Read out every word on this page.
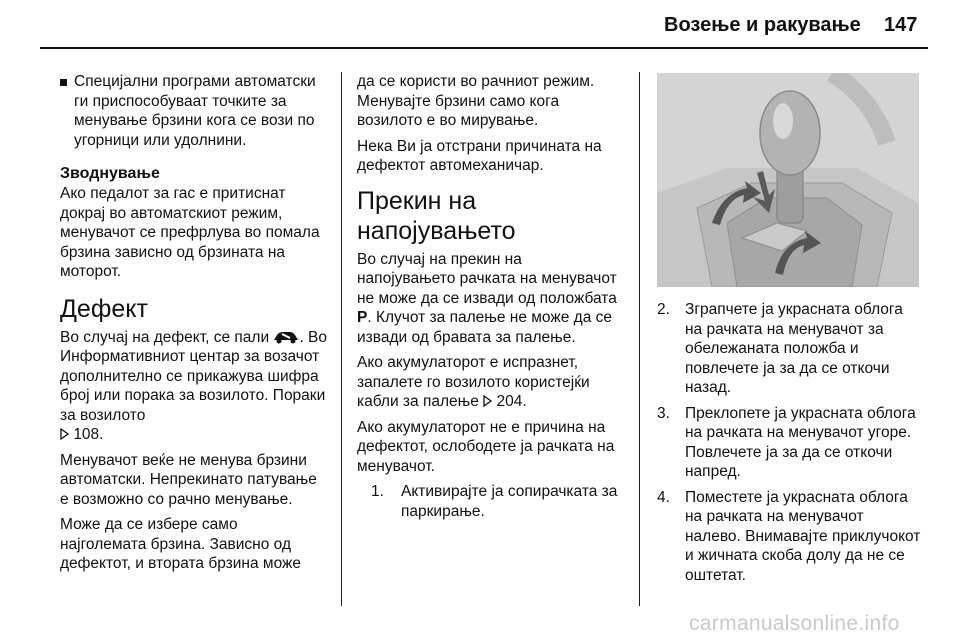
Возење и ракување 147
Специјални програми автоматски ги приспособуваат точките за менување брзини кога се вози по угорници или удолнини.
Зводнување

Ако педалот за гас е притиснат докрај во автоматскиот режим, менувачот се префрлува во помала брзина зависно од брзината на моторот.

Дефект

Во случај на дефект, се пали . Во Информативниот центар за возачот дополнително се прикажува шифра број или порака за возилото. Пораки за возилото
108.

Менувачот веќе не менува брзини автоматски. Непрекинато патување е возможно со рачно менување.

Може да се избере само најголемата брзина. Зависно од дефектот, и втората брзина може

да се користи во рачниот режим. Менувајте брзини само кога возилото е во мирување.

Нека Ви ја отстрани причината на дефектот автомеханичар.

Прекин на напојувањето

Во случај на прекин на напојувањето рачката на менувачот не може да се извади од положбата P. Клучот за палење не може да се извади од бравата за палење.

Ако акумулаторот е испразнет, запалете го возилото користејќи кабли за палење 204.

Ако акумулаторот не е причина на дефектот, ослободете ја рачката на менувачот.

1. Активирајте ја сопирачката за паркирање.
2. Зграпчете ја укрaсната облога на рачката на менувачот за обележаната положба и повлечете ја за да се откочи назад.
3. Преклопете ја укрaсната облога на рачката на менувачот угоре. Повлечете ја за да се откочи напред.
4. Поместете ја укрaсната облога на рачката на менувачот налево. Внимавајте приклучокот и жичната скоба долу да не се оштетат.
carmanualsonline.info
